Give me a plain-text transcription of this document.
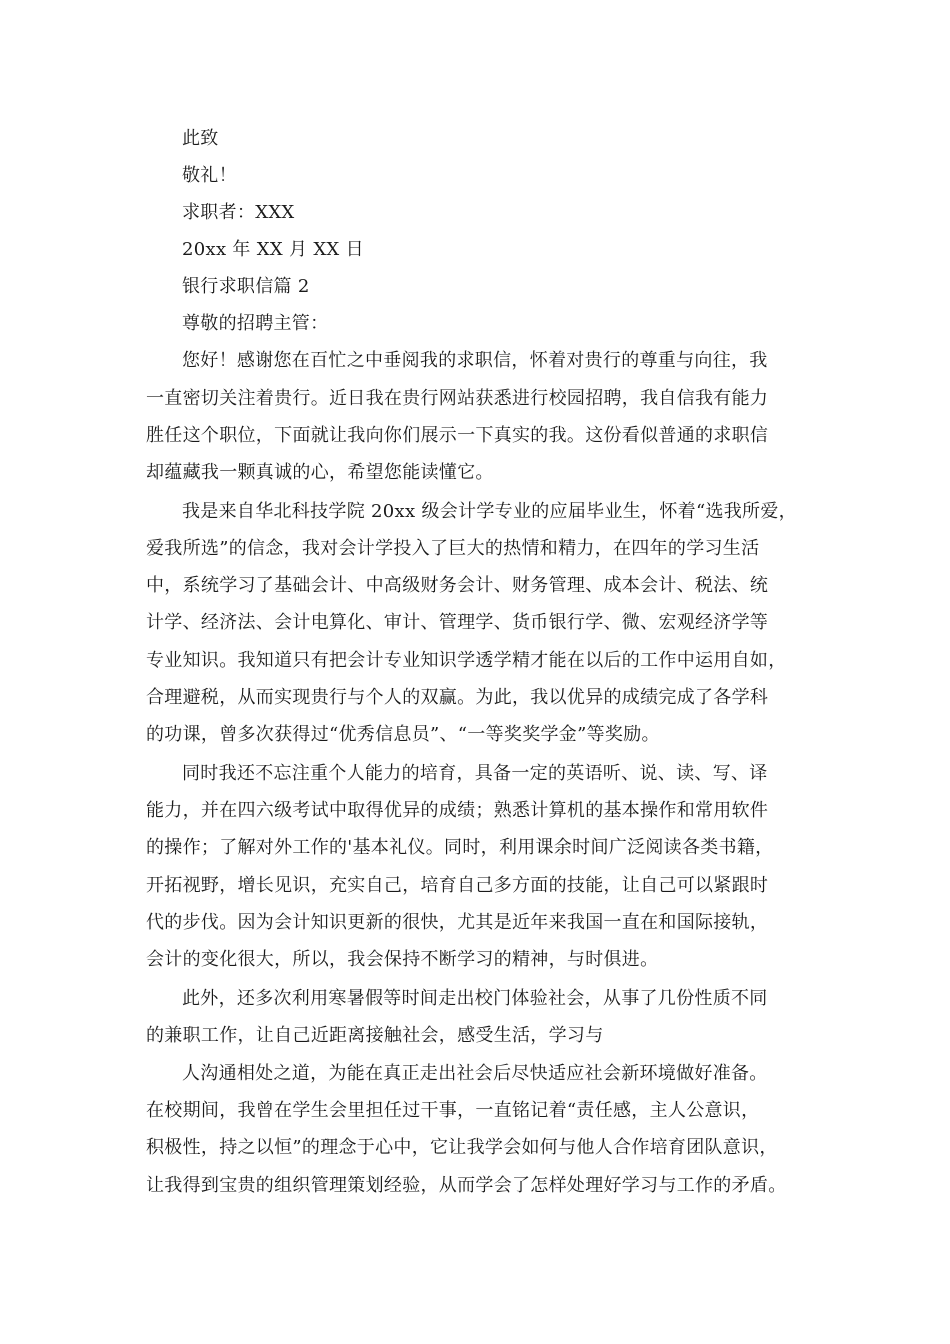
此致
敬礼！
求职者：XXX
20xx 年 XX 月 XX 日
银行求职信篇 2
尊敬的招聘主管：
您好！感谢您在百忙之中垂阅我的求职信，怀着对贵行的尊重与向往，我
一直密切关注着贵行。近日我在贵行网站获悉进行校园招聘，我自信我有能力
胜任这个职位，下面就让我向你们展示一下真实的我。这份看似普通的求职信
却蕴藏我一颗真诚的心，希望您能读懂它。
我是来自华北科技学院 20xx 级会计学专业的应届毕业生，怀着“选我所爱，
爱我所选”的信念，我对会计学投入了巨大的热情和精力，在四年的学习生活
中，系统学习了基础会计、中高级财务会计、财务管理、成本会计、税法、统
计学、经济法、会计电算化、审计、管理学、货币银行学、微、宏观经济学等
专业知识。我知道只有把会计专业知识学透学精才能在以后的工作中运用自如，
合理避税，从而实现贵行与个人的双赢。为此，我以优异的成绩完成了各学科
的功课，曾多次获得过“优秀信息员”、“一等奖奖学金”等奖励。
同时我还不忘注重个人能力的培育，具备一定的英语听、说、读、写、译
能力，并在四六级考试中取得优异的成绩；熟悉计算机的基本操作和常用软件
的操作；了解对外工作的'基本礼仪。同时，利用课余时间广泛阅读各类书籍，
开拓视野，增长见识，充实自己，培育自己多方面的技能，让自己可以紧跟时
代的步伐。因为会计知识更新的很快，尤其是近年来我国一直在和国际接轨，
会计的变化很大，所以，我会保持不断学习的精神，与时俱进。
此外，还多次利用寒暑假等时间走出校门体验社会，从事了几份性质不同
的兼职工作，让自己近距离接触社会，感受生活，学习与
人沟通相处之道，为能在真正走出社会后尽快适应社会新环境做好准备。
在校期间，我曾在学生会里担任过干事，一直铭记着“责任感，主人公意识，
积极性，持之以恒”的理念于心中，它让我学会如何与他人合作培育团队意识，
让我得到宝贵的组织管理策划经验，从而学会了怎样处理好学习与工作的矛盾。
